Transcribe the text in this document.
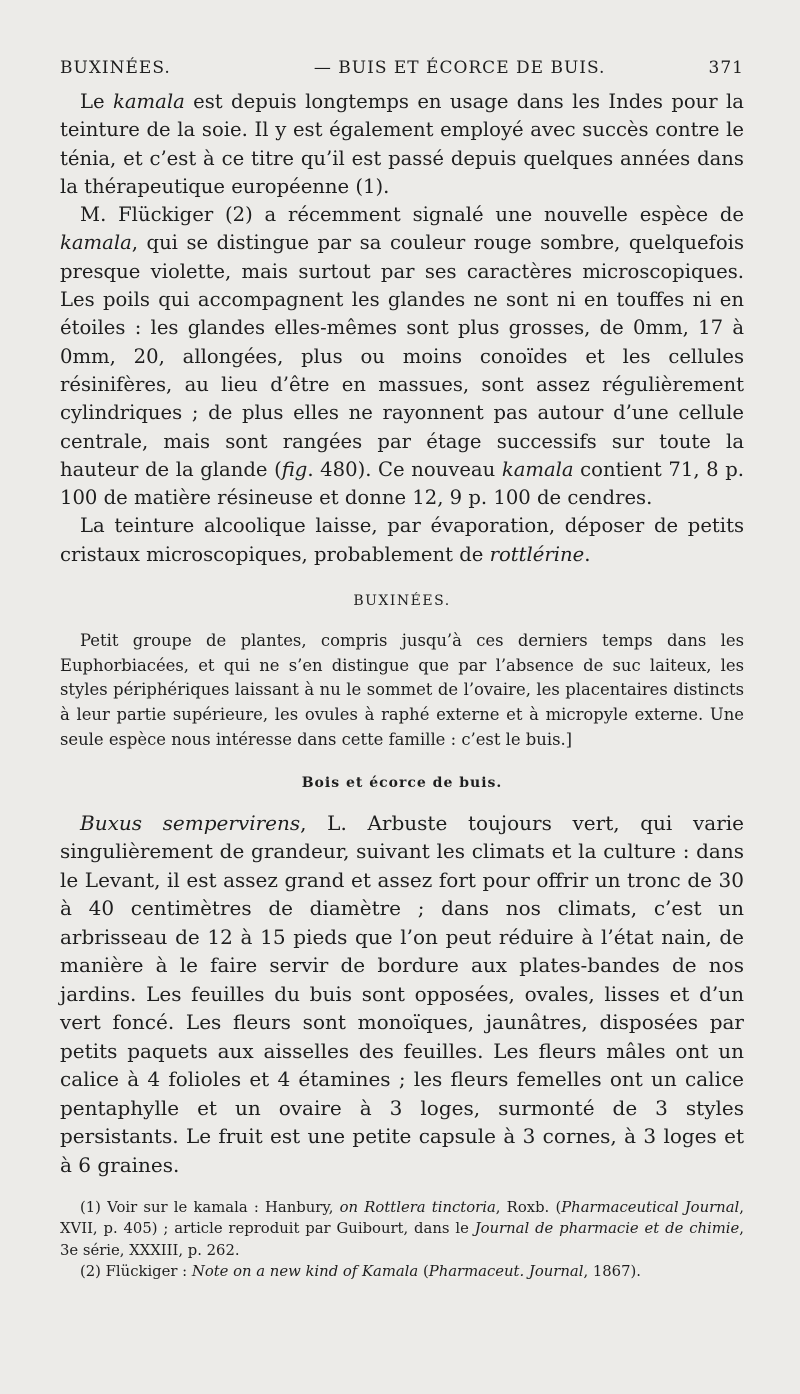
BUXINÉES.	— BUIS ET ÉCORCE DE BUIS.	371

Le kamala est depuis longtemps en usage dans les Indes pour la teinture de la soie. Il y est également employé avec succès contre le ténia, et c’est à ce titre qu’il est passé depuis quelques années dans la thérapeutique européenne (1).

M. Flückiger (2) a récemment signalé une nouvelle espèce de kamala, qui se distingue par sa couleur rouge sombre, quelquefois presque violette, mais surtout par ses caractères microscopiques. Les poils qui accompagnent les glandes ne sont ni en touffes ni en étoiles : les glandes elles-mêmes sont plus grosses, de 0mm, 17 à 0mm, 20, allongées, plus ou moins conoïdes et les cellules résinifères, au lieu d’être en massues, sont assez régulièrement cylindriques ; de plus elles ne rayonnent pas autour d’une cellule centrale, mais sont rangées par étage successifs sur toute la hauteur de la glande (fig. 480). Ce nouveau kamala contient 71, 8 p. 100 de matière résineuse et donne 12, 9 p. 100 de cendres.

La teinture alcoolique laisse, par évaporation, déposer de petits cristaux microscopiques, probablement de rottlérine.

BUXINÉES.

Petit groupe de plantes, compris jusqu’à ces derniers temps dans les Euphorbiacées, et qui ne s’en distingue que par l’absence de suc laiteux, les styles périphériques laissant à nu le sommet de l’ovaire, les placentaires distincts à leur partie supérieure, les ovules à raphé externe et à micropyle externe. Une seule espèce nous intéresse dans cette famille : c’est le buis.]

Bois et écorce de buis.

Buxus sempervirens, L. Arbuste toujours vert, qui varie singulièrement de grandeur, suivant les climats et la culture : dans le Levant, il est assez grand et assez fort pour offrir un tronc de 30 à 40 centimètres de diamètre ; dans nos climats, c’est un arbrisseau de 12 à 15 pieds que l’on peut réduire à l’état nain, de manière à le faire servir de bordure aux plates-bandes de nos jardins. Les feuilles du buis sont opposées, ovales, lisses et d’un vert foncé. Les fleurs sont monoïques, jaunâtres, disposées par petits paquets aux aisselles des feuilles. Les fleurs mâles ont un calice à 4 folioles et 4 étamines ; les fleurs femelles ont un calice pentaphylle et un ovaire à 3 loges, surmonté de 3 styles persistants. Le fruit est une petite capsule à 3 cornes, à 3 loges et à 6 graines.

(1) Voir sur le kamala : Hanbury, on Rottlera tinctoria, Roxb. (Pharmaceutical Journal, XVII, p. 405) ; article reproduit par Guibourt, dans le Journal de pharmacie et de chimie, 3e série, XXXIII, p. 262.

(2) Flückiger : Note on a new kind of Kamala (Pharmaceut. Journal, 1867).
